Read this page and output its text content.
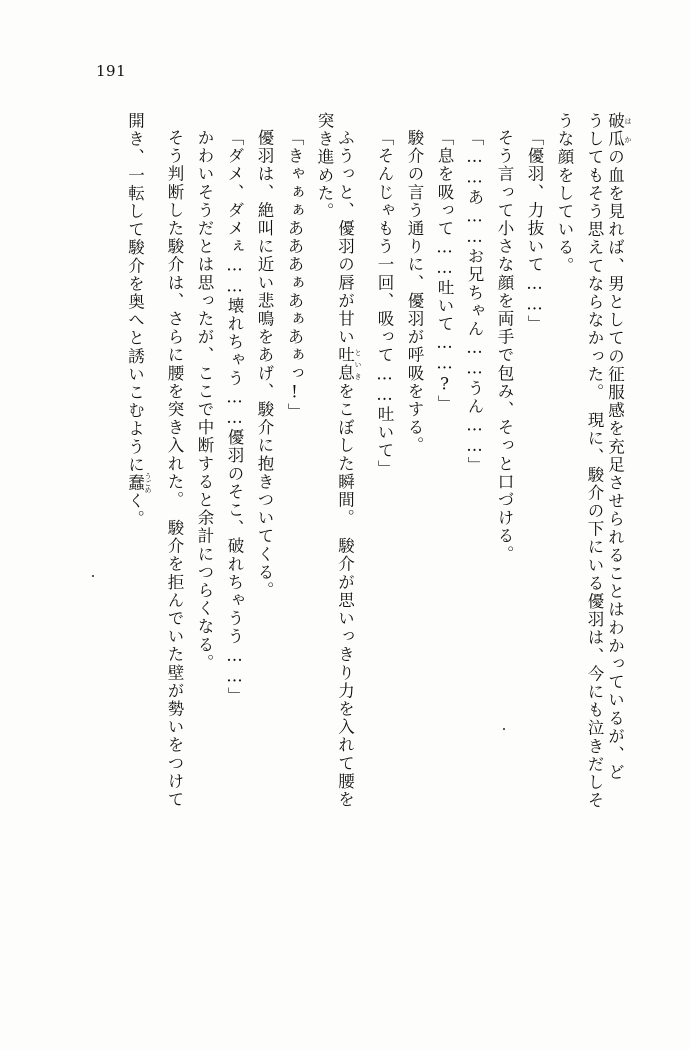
191
破瓜 はかの血を見れば、男としての征服感を充足させられることはわかっているが、ど
うしてもそう思えてならなかった。　現に、駿介の下にいる優羽は、今にも泣きだしそ
うな顔をしている。
「優羽、力抜いて……」
そう言って小さな顔を両手で包み、そっと口づける。
「……あ……お兄ちゃん……うん……」
「息を吸って……吐いて……?」
駿介の言う通りに、優羽が呼吸をする。
「そんじゃもう一回、吸って……吐いて」
ふうっと、優羽の唇が甘い吐息 といきをこぼした瞬間。　駿介が思いっきり力を入れて腰を
突き進めた。
「きゃぁぁあああぁあぁあぁっ!」
優羽は、絶叫に近い悲鳴をあげ、駿介に抱きついてくる。
「ダメ、ダメぇ……壊れちゃう……優羽のそこ、破れちゃうう……」
かわいそうだとは思ったが、ここで中断すると余計につらくなる。
そう判断した駿介は、さらに腰を突き入れた。　駿介を拒んでいた壁が勢いをつけて
開き、一転して駿介を奥へと誘いこむように蠢 うごめく。
